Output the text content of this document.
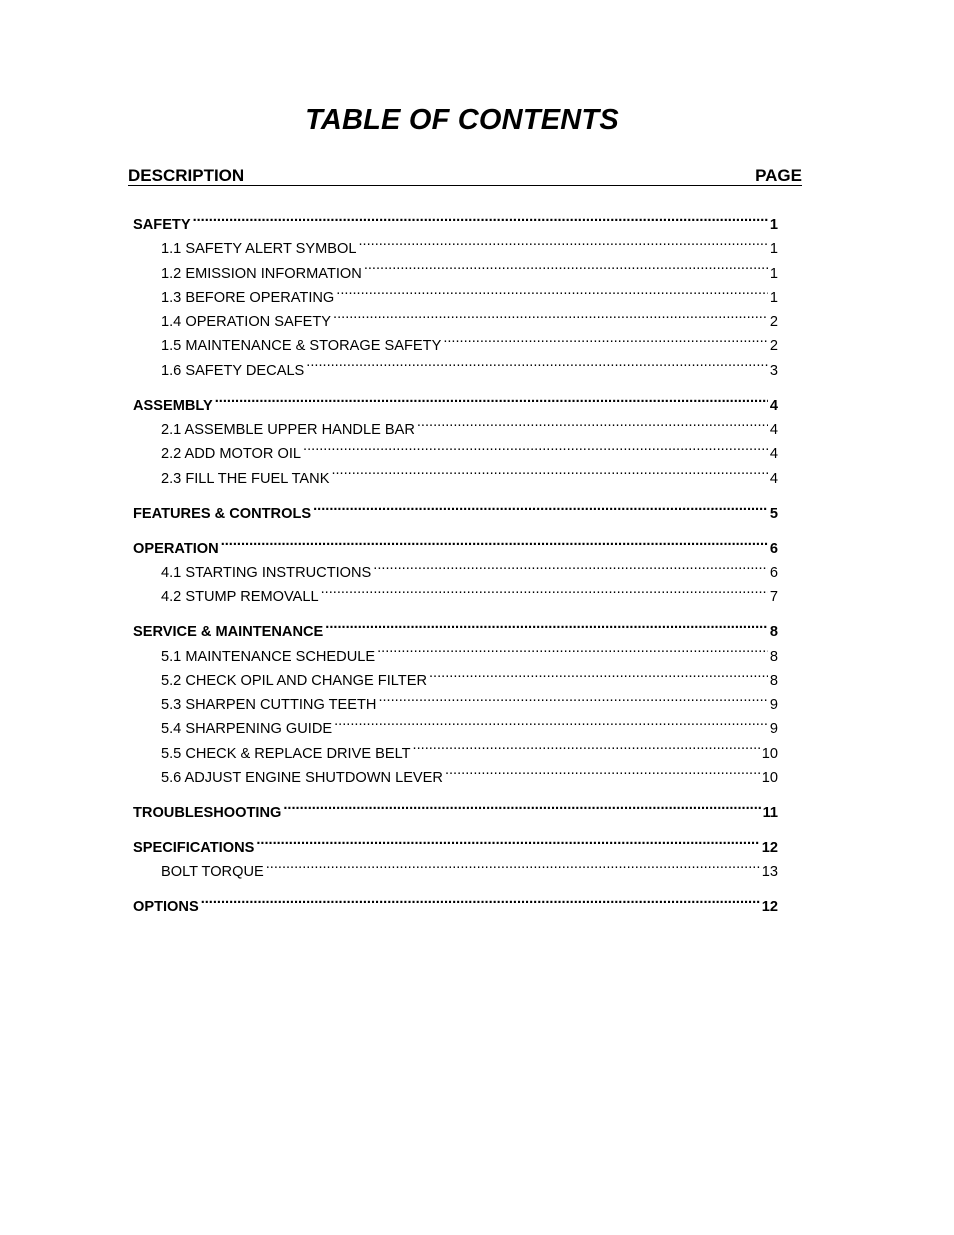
TABLE OF CONTENTS
DESCRIPTION	PAGE
SAFETY .....	1
1.1 SAFETY ALERT SYMBOL .....	1
1.2 EMISSION INFORMATION .....	1
1.3 BEFORE OPERATING .....	1
1.4 OPERATION SAFETY .....	2
1.5 MAINTENANCE & STORAGE SAFETY .....	2
1.6 SAFETY DECALS .....	3
ASSEMBLY .....	4
2.1 ASSEMBLE UPPER HANDLE BAR .....	4
2.2 ADD MOTOR OIL .....	4
2.3 FILL THE FUEL TANK .....	4
FEATURES & CONTROLS .....	5
OPERATION .....	6
4.1 STARTING INSTRUCTIONS .....	6
4.2 STUMP REMOVALL .....	7
SERVICE & MAINTENANCE .....	8
5.1 MAINTENANCE SCHEDULE .....	8
5.2 CHECK OPIL AND CHANGE FILTER .....	8
5.3 SHARPEN CUTTING TEETH .....	9
5.4 SHARPENING GUIDE .....	9
5.5 CHECK & REPLACE DRIVE BELT .....	10
5.6 ADJUST ENGINE SHUTDOWN LEVER .....	10
TROUBLESHOOTING .....	11
SPECIFICATIONS .....	12
BOLT TORQUE .....	13
OPTIONS .....	12
